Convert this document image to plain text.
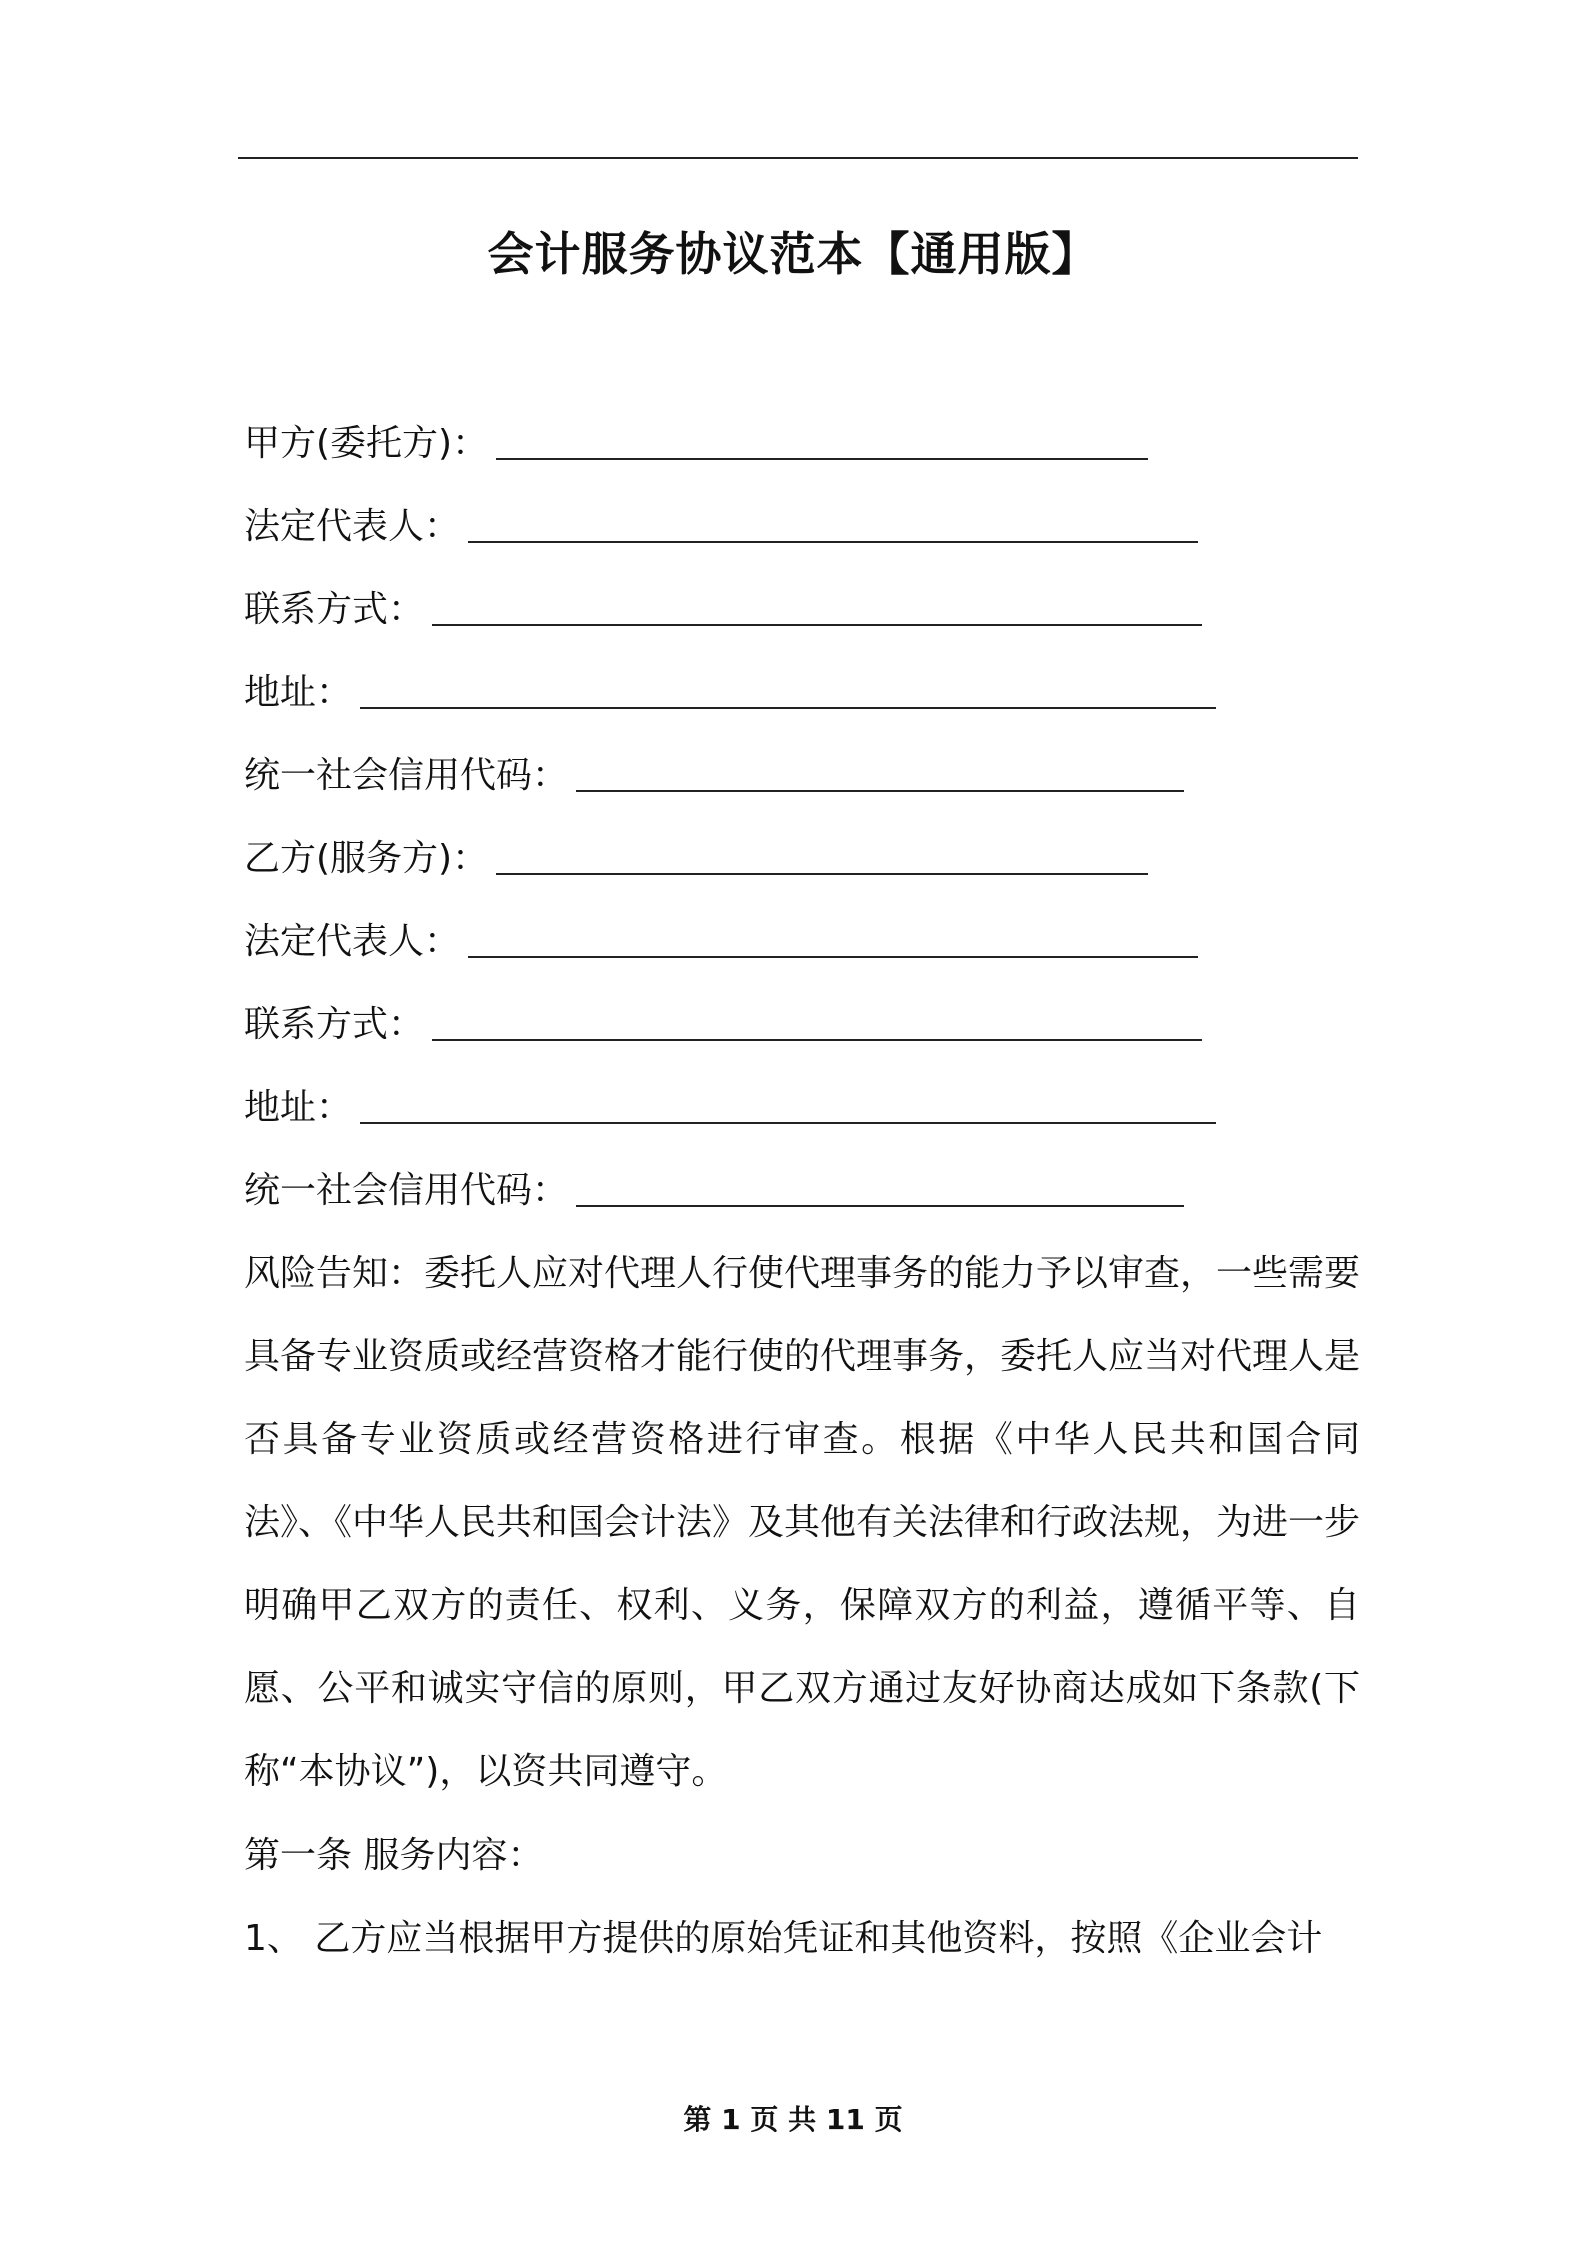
会计服务协议范本【通用版】
甲方(委托方)：
法定代表人：
联系方式：
地址：
统一社会信用代码：
乙方(服务方)：
法定代表人：
联系方式：
地址：
统一社会信用代码：
风险告知：委托人应对代理人行使代理事务的能力予以审查，一些需要具备专业资质或经营资格才能行使的代理事务，委托人应当对代理人是否具备专业资质或经营资格进行审查。根据《中华人民共和国合同法》、《中华人民共和国会计法》及其他有关法律和行政法规，为进一步明确甲乙双方的责任、权利、义务，保障双方的利益，遵循平等、自愿、公平和诚实守信的原则，甲乙双方通过友好协商达成如下条款(下称“本协议”)，以资共同遵守。
第一条 服务内容：
1、 乙方应当根据甲方提供的原始凭证和其他资料，按照《企业会计
第 1 页 共 11 页
